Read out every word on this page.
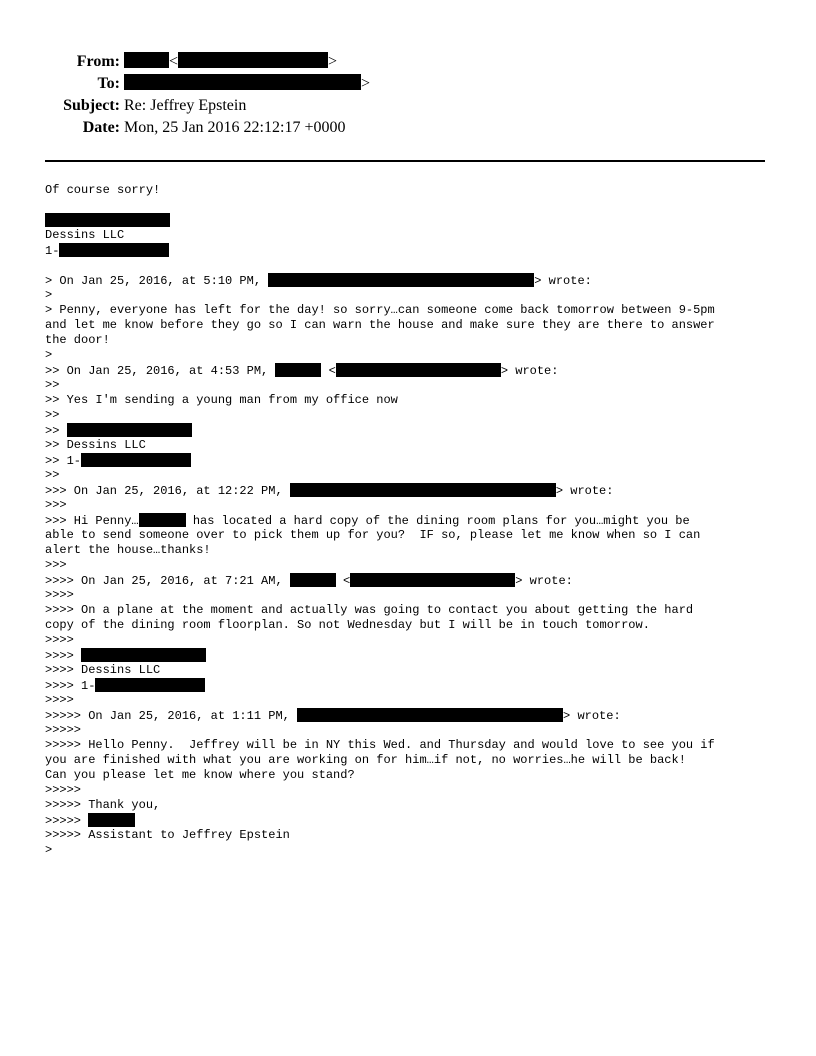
From:	<	>
To:	>
Subject: Re: Jeffrey Epstein
Date: Mon, 25 Jan 2016 22:12:17 +0000
Of course sorry!
Dessins LLC
1-
> On Jan 25, 2016, at 5:10 PM,	> wrote:
>
> Penny, everyone has left for the day! so sorry…can someone come back tomorrow between 9-5pm
and let me know before they go so I can warn the house and make sure they are there to answer
the door!
>
>> On Jan 25, 2016, at 4:53 PM,	<	> wrote:
>>
>> Yes I'm sending a young man from my office now
>>
>>
>> Dessins LLC
>> 1-
>>
>>> On Jan 25, 2016, at 12:22 PM,	> wrote:
>>>
>>> Hi Penny…	has located a hard copy of the dining room plans for you…might you be
able to send someone over to pick them up for you?  IF so, please let me know when so I can
alert the house…thanks!
>>>
>>>> On Jan 25, 2016, at 7:21 AM,	<	> wrote:
>>>>
>>>> On a plane at the moment and actually was going to contact you about getting the hard
copy of the dining room floorplan. So not Wednesday but I will be in touch tomorrow.
>>>>
>>>>
>>>> Dessins LLC
>>>> 1-
>>>>
>>>>> On Jan 25, 2016, at 1:11 PM,	> wrote:
>>>>>
>>>>> Hello Penny.  Jeffrey will be in NY this Wed. and Thursday and would love to see you if
you are finished with what you are working on for him…if not, no worries…he will be back!
Can you please let me know where you stand?
>>>>>
>>>>> Thank you,
>>>>>
>>>>> Assistant to Jeffrey Epstein
>
